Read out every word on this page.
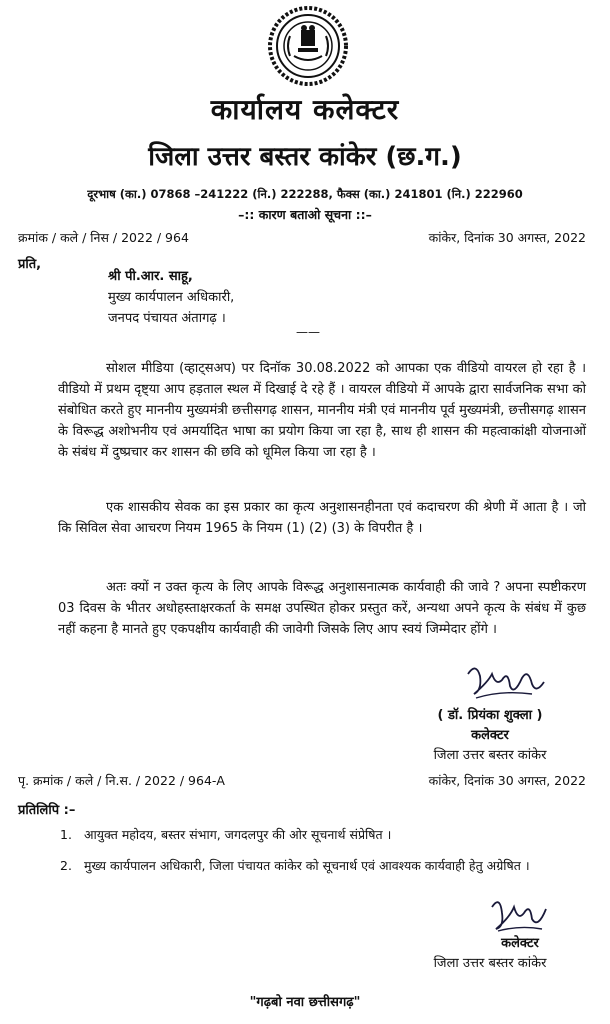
कार्यालय कलेक्टर
जिला उत्तर बस्तर कांकेर (छ.ग.)
दूरभाष (का.) 07868 –241222 (नि.) 222288, फैक्स (का.) 241801 (नि.) 222960
–:: कारण बताओ सूचना ::–
क्रमांक / कले / निस / 2022 / 964	कांकेर, दिनांक 30 अगस्त, 2022
प्रति,
श्री पी.आर. साहू,
मुख्य कार्यपालन अधिकारी,
जनपद पंचायत अंतागढ़ ।
——

सोशल मीडिया (व्हाट्सअप) पर दिनॉक 30.08.2022 को आपका एक वीडियो वायरल हो रहा है । वीडियो में प्रथम दृष्ट्या आप हड़ताल स्थल में दिखाई दे रहे हैं । वायरल वीडियो में आपके द्वारा सार्वजनिक सभा को संबोधित करते हुए माननीय मुख्यमंत्री छत्तीसगढ़ शासन, माननीय मंत्री एवं माननीय पूर्व मुख्यमंत्री, छत्तीसगढ़ शासन के विरूद्ध अशोभनीय एवं अमर्यादित भाषा का प्रयोग किया जा रहा है, साथ ही शासन की महत्वाकांक्षी योजनाओं के संबंध में दुष्प्रचार कर शासन की छवि को धूमिल किया जा रहा है ।

एक शासकीय सेवक का इस प्रकार का कृत्य अनुशासनहीनता एवं कदाचरण की श्रेणी में आता है । जो कि सिविल सेवा आचरण नियम 1965 के नियम (1) (2) (3) के विपरीत है ।

अतः क्यों न उक्त कृत्य के लिए आपके विरूद्ध अनुशासनात्मक कार्यवाही की जावे ? अपना स्पष्टीकरण 03 दिवस के भीतर अधोहस्ताक्षरकर्ता के समक्ष उपस्थित होकर प्रस्तुत करें, अन्यथा अपने कृत्य के संबंध में कुछ नहीं कहना है मानते हुए एकपक्षीय कार्यवाही की जावेगी जिसके लिए आप स्वयं जिम्मेदार होंगे ।

( डॉ. प्रियंका शुक्ला )
कलेक्टर
जिला उत्तर बस्तर कांकेर
पृ. क्रमांक / कले / नि.स. / 2022 / 964-A	कांकेर, दिनांक 30 अगस्त, 2022
प्रतिलिपि :–
1. आयुक्त महोदय, बस्तर संभाग, जगदलपुर की ओर सूचनार्थ संप्रेषित ।
2. मुख्य कार्यपालन अधिकारी, जिला पंचायत कांकेर को सूचनार्थ एवं आवश्यक कार्यवाही हेतु अग्रेषित ।
कलेक्टर
जिला उत्तर बस्तर कांकेर
"गढ़बो नवा छत्तीसगढ़"
